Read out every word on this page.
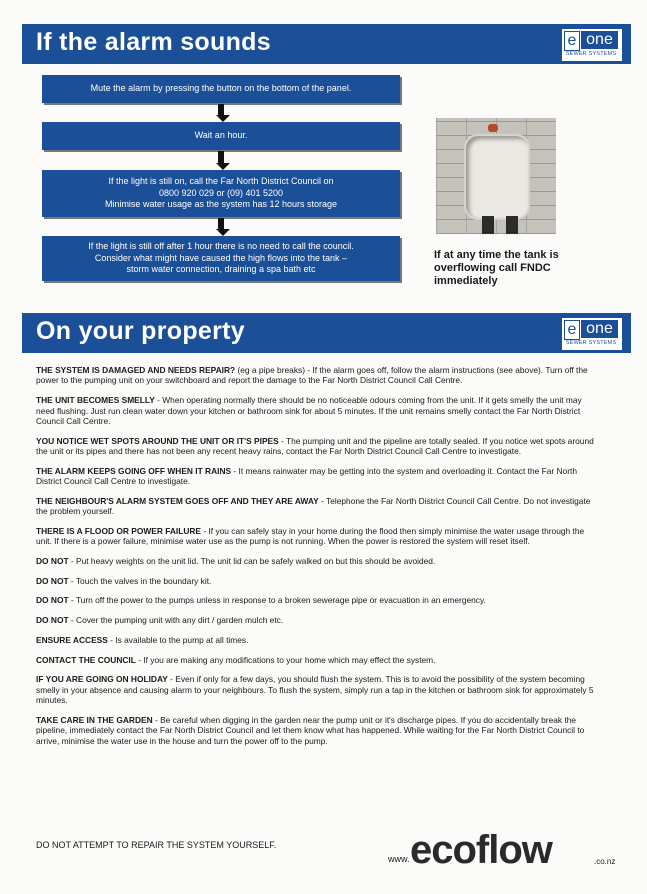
If the alarm sounds	e one
SEWER SYSTEMS
Mute the alarm by pressing the button on the bottom of the panel.
Wait an hour.
If the light is still on, call the Far North District Council on
0800 920 029 or (09) 401 5200
Minimise water usage as the system has 12 hours storage
If the light is still off after 1 hour there is no need to call the council.
Consider what might have caused the high flows into the tank –
storm water connection, draining a spa bath etc
If at any time the tank is overflowing call FNDC immediately
On your property	e one
SEWER SYSTEMS
THE SYSTEM IS DAMAGED AND NEEDS REPAIR? (eg a pipe breaks) - If the alarm goes off, follow the alarm instructions (see above). Turn off the power to the pumping unit on your switchboard and report the damage to the Far North District Council Call Centre.
THE UNIT BECOMES SMELLY - When operating normally there should be no noticeable odours coming from the unit. If it gets smelly the unit may need flushing. Just run clean water down your kitchen or bathroom sink for about 5 minutes. If the unit remains smelly contact the Far North District Council Call Centre.
YOU NOTICE WET SPOTS AROUND THE UNIT OR IT'S PIPES - The pumping unit and the pipeline are totally sealed. If you notice wet spots around the unit or its pipes and there has not been any recent heavy rains, contact the Far North District Council Call Centre to investigate.
THE ALARM KEEPS GOING OFF WHEN IT RAINS - It means rainwater may be getting into the system and overloading it. Contact the Far North District Council Call Centre to investigate.
THE NEIGHBOUR'S ALARM SYSTEM GOES OFF AND THEY ARE AWAY - Telephone the Far North District Council Call Centre. Do not investigate the problem yourself.
THERE IS A FLOOD OR POWER FAILURE - If you can safely stay in your home during the flood then simply minimise the water usage through the unit. If there is a power failure, minimise water use as the pump is not running. When the power is restored the system will reset itself.
DO NOT - Put heavy weights on the unit lid. The unit lid can be safely walked on but this should be avoided.
DO NOT - Touch the valves in the boundary kit.
DO NOT - Turn off the power to the pumps unless in response to a broken sewerage pipe or evacuation in an emergency.
DO NOT - Cover the pumping unit with any dirt / garden mulch etc.
ENSURE ACCESS - Is available to the pump at all times.
CONTACT THE COUNCIL - If you are making any modifications to your home which may effect the system.
IF YOU ARE GOING ON HOLIDAY - Even if only for a few days, you should flush the system. This is to avoid the possibility of the system becoming smelly in your absence and causing alarm to your neighbours. To flush the system, simply run a tap in the kitchen or bathroom sink for approximately 5 minutes.
TAKE CARE IN THE GARDEN - Be careful when digging in the garden near the pump unit or it's discharge pipes. If you do accidentally break the pipeline, immediately contact the Far North District Council and let them know what has happened. While waiting for the Far North District Council to arrive, minimise the water use in the house and turn the power off to the pump.
DO NOT ATTEMPT TO REPAIR THE SYSTEM YOURSELF.
www. ecoflow	.co.nz
